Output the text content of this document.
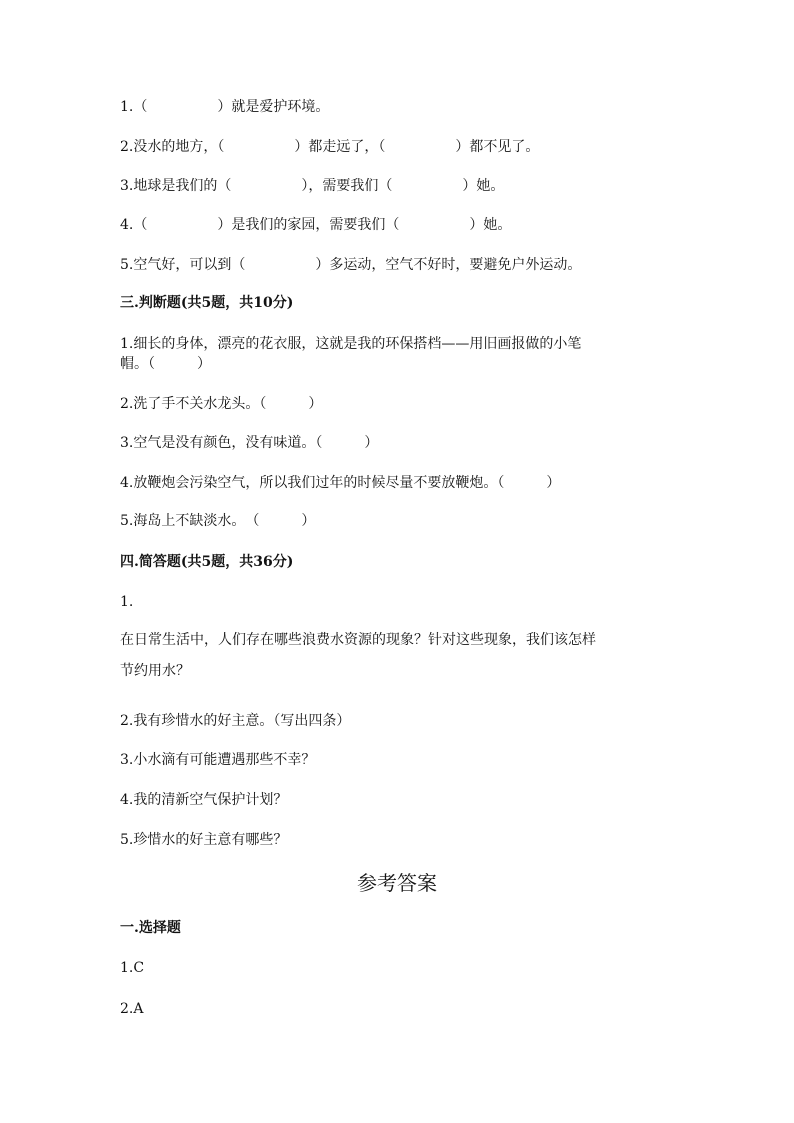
1.（　　　　　）就是爱护环境。
2.没水的地方，（　　　　　）都走远了，（　　　　　）都不见了。
3.地球是我们的（　　　　　），需要我们（　　　　　）她。
4.（　　　　　）是我们的家园，需要我们（　　　　　）她。
5.空气好，可以到（　　　　　）多运动，空气不好时，要避免户外运动。
三.判断题(共5题，共10分)
1.细长的身体，漂亮的花衣服，这就是我的环保搭档——用旧画报做的小笔
帽。（　　　）
2.洗了手不关水龙头。（　　　）
3.空气是没有颜色，没有味道。（　　　）
4.放鞭炮会污染空气，所以我们过年的时候尽量不要放鞭炮。（　　　）
5.海岛上不缺淡水。　（　　　）
四.简答题(共5题，共36分)
1.
在日常生活中，人们存在哪些浪费水资源的现象？针对这些现象，我们该怎样
节约用水？
2.我有珍惜水的好主意。（写出四条）
3.小水滴有可能遭遇那些不幸？
4.我的清新空气保护计划？
5.珍惜水的好主意有哪些？
参考答案
一.选择题
1.C
2.A
